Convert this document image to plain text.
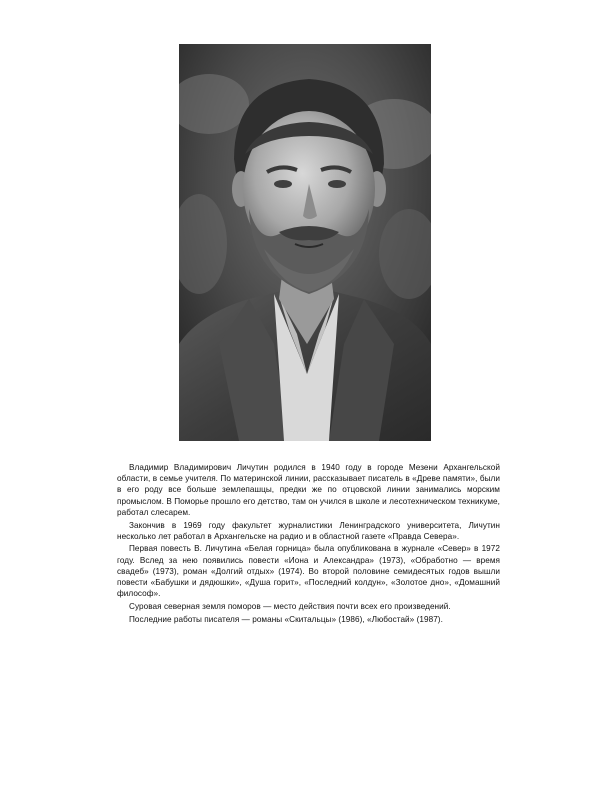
Владимир Владимирович Личутин родился в 1940 году в городе Мезени Архангельской области, в семье учителя. По материнской линии, рассказывает писатель в «Древе памяти», были в его роду все больше землепашцы, предки же по отцовской линии занимались морским промыслом. В Поморье прошло его детство, там он учился в школе и лесотехническом техникуме, работал слесарем.

Закончив в 1969 году факультет журналистики Ленинградского университета, Личутин несколько лет работал в Архангельске на радио и в областной газете «Правда Севера».

Первая повесть В. Личутина «Белая горница» была опубликована в журнале «Север» в 1972 году. Вслед за нею появились повести «Иона и Александра» (1973), «Обработно — время свадеб» (1973), роман «Долгий отдых» (1974). Во второй половине семидесятых годов вышли повести «Бабушки и дядюшки», «Душа горит», «Последний колдун», «Золотое дно», «Домашний философ».

Суровая северная земля поморов — место действия почти всех его произведений.

Последние работы писателя — романы «Скитальцы» (1986), «Любостай» (1987).
